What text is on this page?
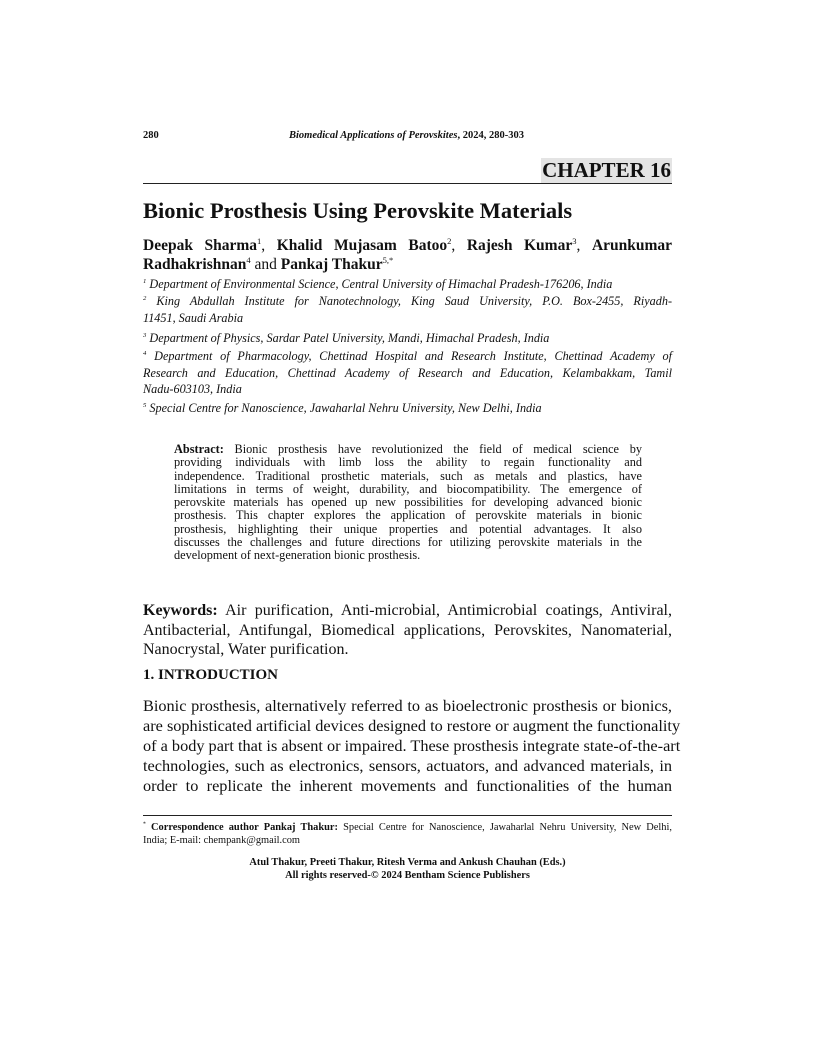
280	Biomedical Applications of Perovskites, 2024, 280-303
CHAPTER 16
Bionic Prosthesis Using Perovskite Materials
Deepak Sharma$^1$, Khalid Mujasam Batoo$^2$, Rajesh Kumar$^3$, Arunkumar
Radhakrishnan$^4$ and Pankaj Thakur$^{5,*}$
$^1$ Department of Environmental Science, Central University of Himachal Pradesh-176206, India
$^2$ King Abdullah Institute for Nanotechnology, King Saud University, P.O. Box-2455, Riyadh-
11451, Saudi Arabia
$^3$ Department of Physics, Sardar Patel University, Mandi, Himachal Pradesh, India
$^4$ Department of Pharmacology, Chettinad Hospital and Research Institute, Chettinad Academy of
Research and Education, Chettinad Academy of Research and Education, Kelambakkam, Tamil
Nadu-603103, India
$^5$ Special Centre for Nanoscience, Jawaharlal Nehru University, New Delhi, India
Abstract: Bionic prosthesis have revolutionized the field of medical science by
providing individuals with limb loss the ability to regain functionality and
independence. Traditional prosthetic materials, such as metals and plastics, have
limitations in terms of weight, durability, and biocompatibility. The emergence of
perovskite materials has opened up new possibilities for developing advanced bionic
prosthesis. This chapter explores the application of perovskite materials in bionic
prosthesis, highlighting their unique properties and potential advantages. It also
discusses the challenges and future directions for utilizing perovskite materials in the
development of next-generation bionic prosthesis.
Keywords: Air purification, Anti-microbial, Antimicrobial coatings, Antiviral,
Antibacterial, Antifungal, Biomedical applications, Perovskites, Nanomaterial,
Nanocrystal, Water purification.
1. INTRODUCTION
Bionic prosthesis, alternatively referred to as bioelectronic prosthesis or bionics,
are sophisticated artificial devices designed to restore or augment the functionality
of a body part that is absent or impaired. These prosthesis integrate state-of-the-art
technologies, such as electronics, sensors, actuators, and advanced materials, in
order to replicate the inherent movements and functionalities of the human
* Correspondence author Pankaj Thakur: Special Centre for Nanoscience, Jawaharlal Nehru University, New Delhi,
India; E-mail: chempank@gmail.com
Atul Thakur, Preeti Thakur, Ritesh Verma and Ankush Chauhan (Eds.)
All rights reserved-© 2024 Bentham Science Publishers
